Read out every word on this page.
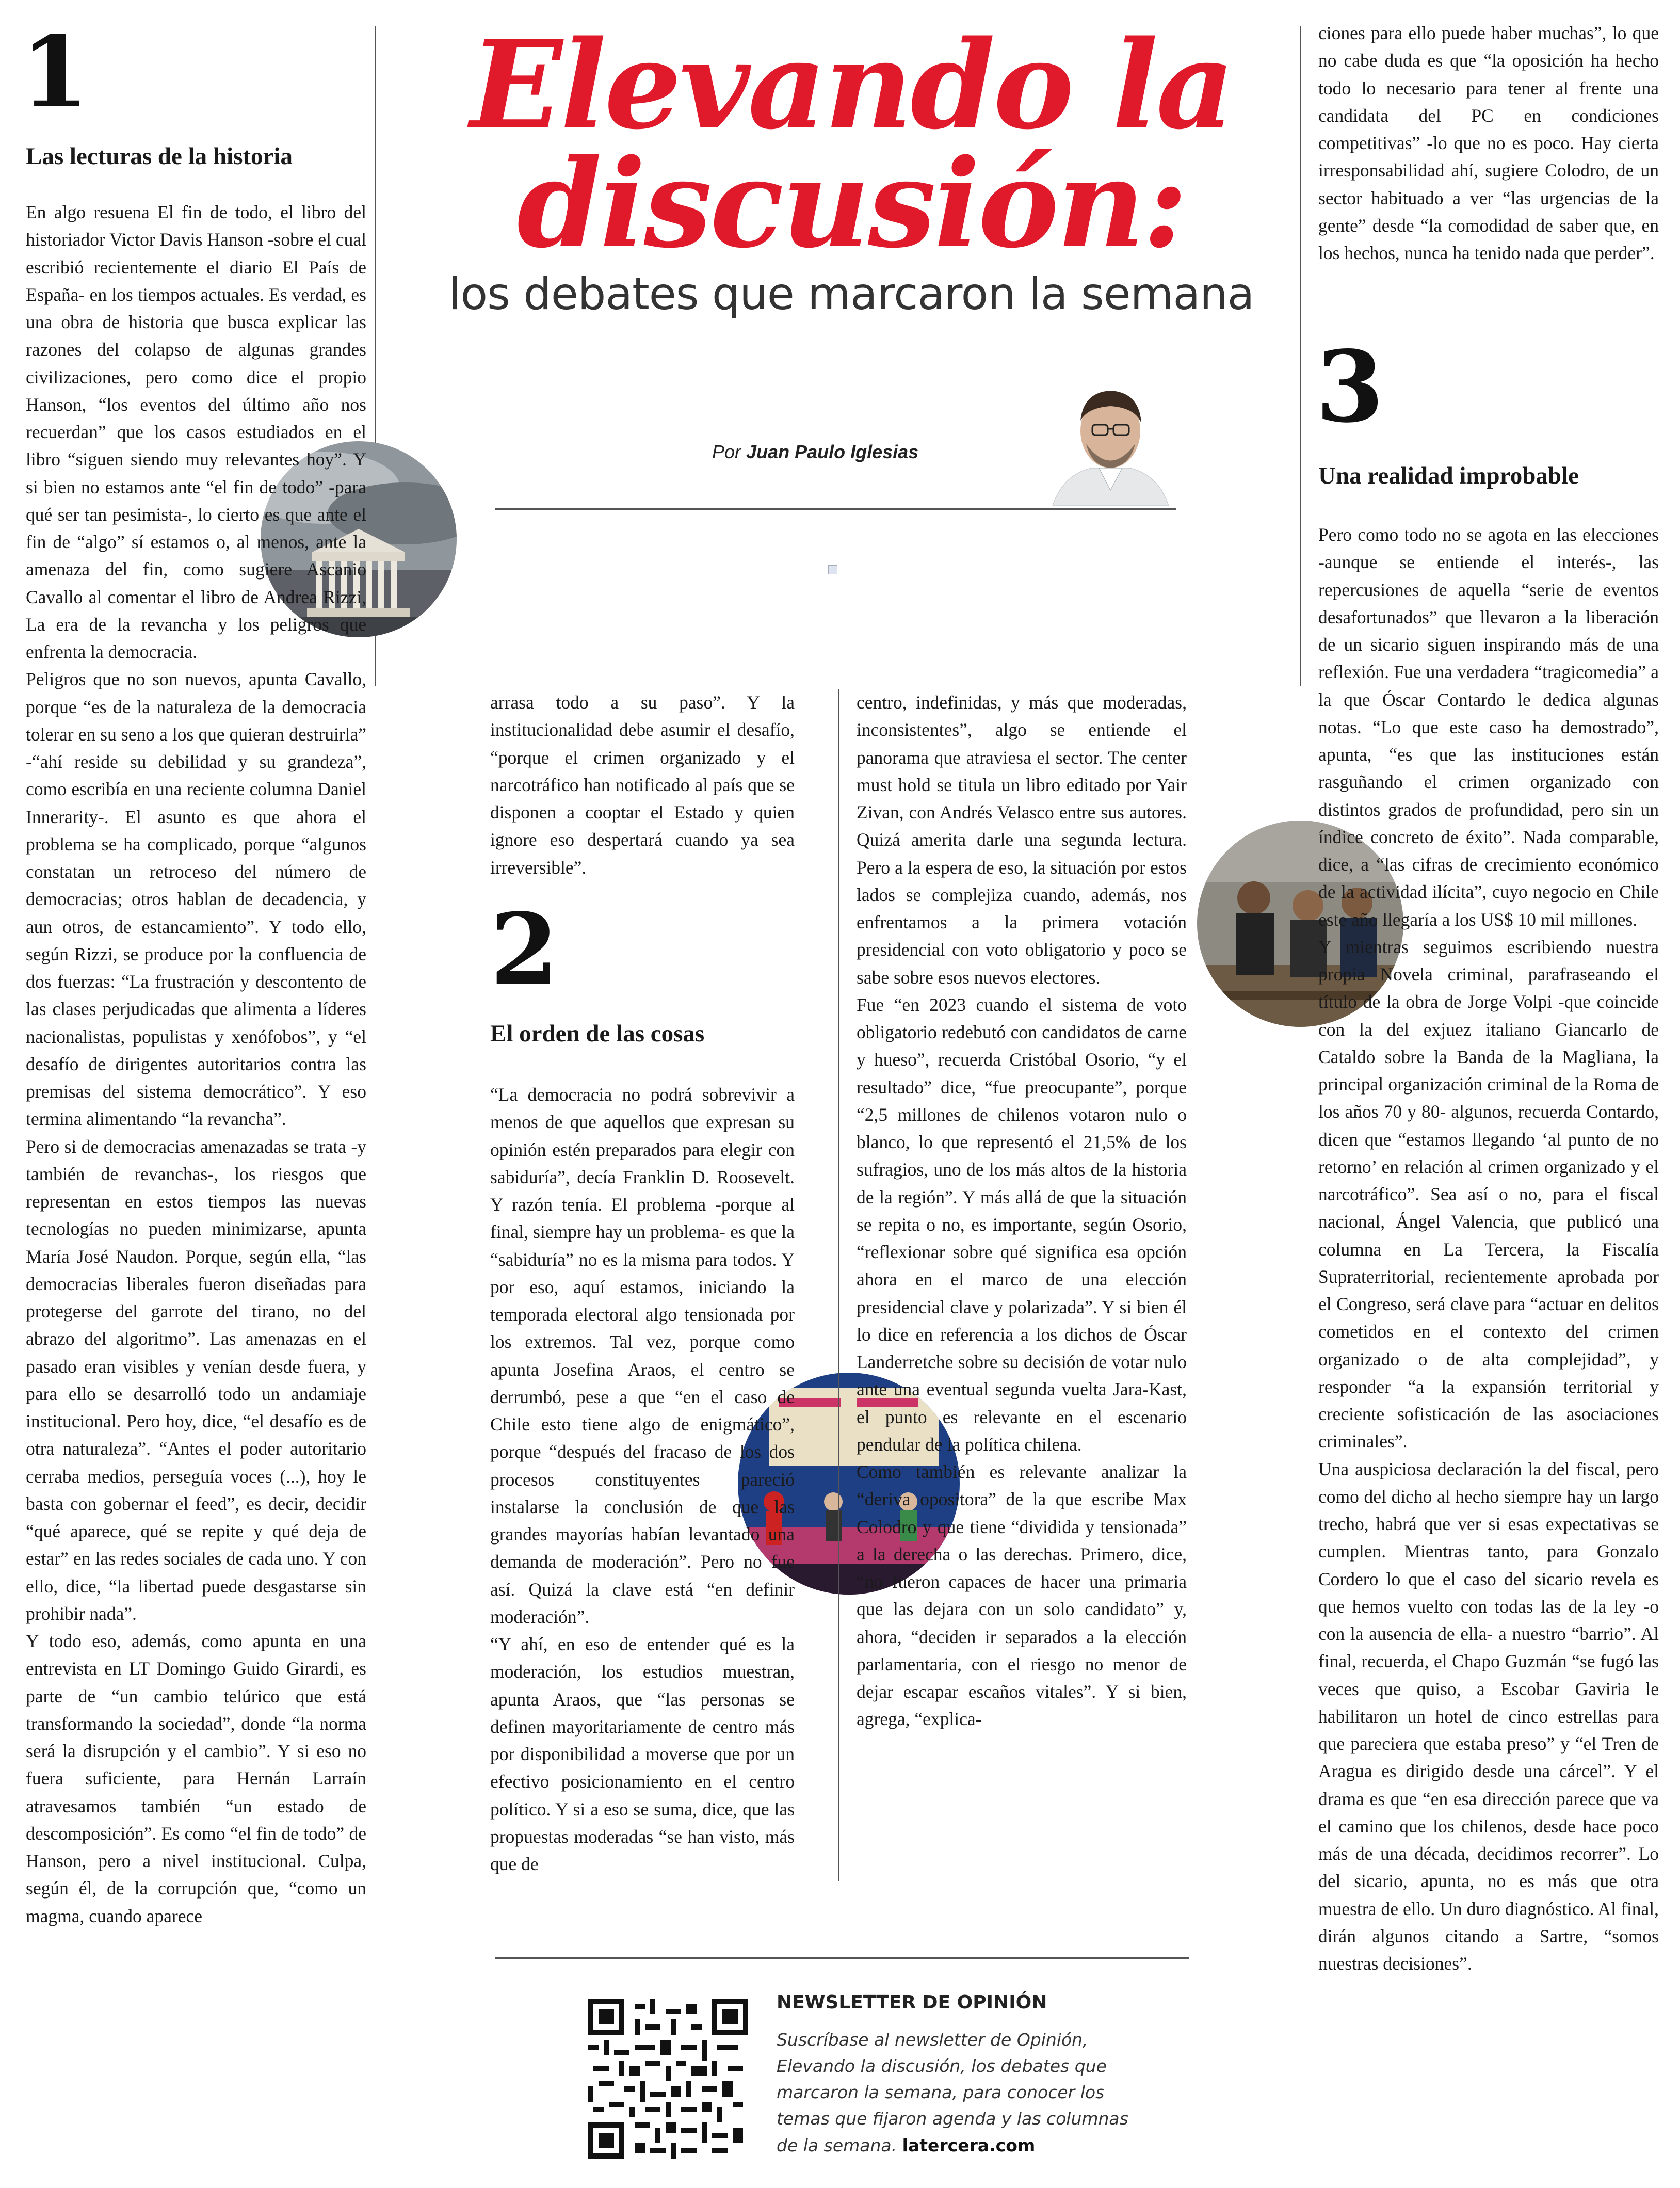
Elevando la
discusión:
los debates que marcaron la semana
Por Juan Paulo Iglesias
1
Las lecturas de la historia

En algo resuena El fin de todo, el libro del historiador Victor Davis Hanson -sobre el cual escribió recientemente el diario El País de España- en los tiempos actuales. Es verdad, es una obra de historia que busca explicar las razones del colapso de algunas grandes civilizaciones, pero como dice el propio Hanson, “los eventos del último año nos recuerdan” que los casos estudiados en el libro “siguen siendo muy relevantes hoy”. Y si bien no estamos ante “el fin de todo” -para qué ser tan pesimista-, lo cierto es que ante el fin de “algo” sí estamos o, al menos, ante la amenaza del fin, como sugiere Ascanio Cavallo al comentar el libro de Andrea Rizzi, La era de la revancha y los peligros que enfrenta la democracia.

Peligros que no son nuevos, apunta Cavallo, porque “es de la naturaleza de la democracia tolerar en su seno a los que quieran destruirla” -“ahí reside su debilidad y su grandeza”, como escribía en una reciente columna Daniel Innerarity-. El asunto es que ahora el problema se ha complicado, porque “algunos constatan un retroceso del número de democracias; otros hablan de decadencia, y aun otros, de estancamiento”. Y todo ello, según Rizzi, se produce por la confluencia de dos fuerzas: “La frustración y descontento de las clases perjudicadas que alimenta a líderes nacionalistas, populistas y xenófobos”, y “el desafío de dirigentes autoritarios contra las premisas del sistema democrático”. Y eso termina alimentando “la revancha”.

Pero si de democracias amenazadas se trata -y también de revanchas-, los riesgos que representan en estos tiempos las nuevas tecnologías no pueden minimizarse, apunta María José Naudon. Porque, según ella, “las democracias liberales fueron diseñadas para protegerse del garrote del tirano, no del abrazo del algoritmo”. Las amenazas en el pasado eran visibles y venían desde fuera, y para ello se desarrolló todo un andamiaje institucional. Pero hoy, dice, “el desafío es de otra naturaleza”. “Antes el poder autoritario cerraba medios, perseguía voces (...), hoy le basta con gobernar el feed”, es decir, decidir “qué aparece, qué se repite y qué deja de estar” en las redes sociales de cada uno. Y con ello, dice, “la libertad puede desgastarse sin prohibir nada”.

Y todo eso, además, como apunta en una entrevista en LT Domingo Guido Girardi, es parte de “un cambio telúrico que está transformando la sociedad”, donde “la norma será la disrupción y el cambio”. Y si eso no fuera suficiente, para Hernán Larraín atravesamos también “un estado de descomposición”. Es como “el fin de todo” de Hanson, pero a nivel institucional. Culpa, según él, de la corrupción que, “como un magma, cuando aparece

arrasa todo a su paso”. Y la institucionalidad debe asumir el desafío, “porque el crimen organizado y el narcotráfico han notificado al país que se disponen a cooptar el Estado y quien ignore eso despertará cuando ya sea irreversible”.

2
El orden de las cosas

“La democracia no podrá sobrevivir a menos de que aquellos que expresan su opinión estén preparados para elegir con sabiduría”, decía Franklin D. Roosevelt. Y razón tenía. El problema -porque al final, siempre hay un problema- es que la “sabiduría” no es la misma para todos. Y por eso, aquí estamos, iniciando la temporada electoral algo tensionada por los extremos. Tal vez, porque como apunta Josefina Araos, el centro se derrumbó, pese a que “en el caso de Chile esto tiene algo de enigmático”, porque “después del fracaso de los dos procesos constituyentes pareció instalarse la conclusión de que las grandes mayorías habían levantado una demanda de moderación”. Pero no fue así. Quizá la clave está “en definir moderación”.

“Y ahí, en eso de entender qué es la moderación, los estudios muestran, apunta Araos, que “las personas se definen mayoritariamente de centro más por disponibilidad a moverse que por un efectivo posicionamiento en el centro político. Y si a eso se suma, dice, que las propuestas moderadas “se han visto, más que de

centro, indefinidas, y más que moderadas, inconsistentes”, algo se entiende el panorama que atraviesa el sector. The center must hold se titula un libro editado por Yair Zivan, con Andrés Velasco entre sus autores. Quizá amerita darle una segunda lectura. Pero a la espera de eso, la situación por estos lados se complejiza cuando, además, nos enfrentamos a la primera votación presidencial con voto obligatorio y poco se sabe sobre esos nuevos electores.

Fue “en 2023 cuando el sistema de voto obligatorio redebutó con candidatos de carne y hueso”, recuerda Cristóbal Osorio, “y el resultado” dice, “fue preocupante”, porque “2,5 millones de chilenos votaron nulo o blanco, lo que representó el 21,5% de los sufragios, uno de los más altos de la historia de la región”. Y más allá de que la situación se repita o no, es importante, según Osorio, “reflexionar sobre qué significa esa opción ahora en el marco de una elección presidencial clave y polarizada”. Y si bien él lo dice en referencia a los dichos de Óscar Landerretche sobre su decisión de votar nulo ante una eventual segunda vuelta Jara-Kast, el punto es relevante en el escenario pendular de la política chilena.

Como también es relevante analizar la “deriva opositora” de la que escribe Max Colodro y que tiene “dividida y tensionada” a la derecha o las derechas. Primero, dice, “no fueron capaces de hacer una primaria que las dejara con un solo candidato” y, ahora, “deciden ir separados a la elección parlamentaria, con el riesgo no menor de dejar escapar escaños vitales”. Y si bien, agrega, “explica-

ciones para ello puede haber muchas”, lo que no cabe duda es que “la oposición ha hecho todo lo necesario para tener al frente una candidata del PC en condiciones competitivas” -lo que no es poco. Hay cierta irresponsabilidad ahí, sugiere Colodro, de un sector habituado a ver “las urgencias de la gente” desde “la comodidad de saber que, en los hechos, nunca ha tenido nada que perder”.

3
Una realidad improbable

Pero como todo no se agota en las elecciones -aunque se entiende el interés-, las repercusiones de aquella “serie de eventos desafortunados” que llevaron a la liberación de un sicario siguen inspirando más de una reflexión. Fue una verdadera “tragicomedia” a la que Óscar Contardo le dedica algunas notas. “Lo que este caso ha demostrado”, apunta, “es que las instituciones están rasguñando el crimen organizado con distintos grados de profundidad, pero sin un índice concreto de éxito”. Nada comparable, dice, a “las cifras de crecimiento económico de la actividad ilícita”, cuyo negocio en Chile este año llegaría a los US$ 10 mil millones.

Y mientras seguimos escribiendo nuestra propia Novela criminal, parafraseando el título de la obra de Jorge Volpi -que coincide con la del exjuez italiano Giancarlo de Cataldo sobre la Banda de la Magliana, la principal organización criminal de la Roma de los años 70 y 80- algunos, recuerda Contardo, dicen que “estamos llegando ‘al punto de no retorno’ en relación al crimen organizado y el narcotráfico”. Sea así o no, para el fiscal nacional, Ángel Valencia, que publicó una columna en La Tercera, la Fiscalía Supraterritorial, recientemente aprobada por el Congreso, será clave para “actuar en delitos cometidos en el contexto del crimen organizado o de alta complejidad”, y responder “a la expansión territorial y creciente sofisticación de las asociaciones criminales”.

Una auspiciosa declaración la del fiscal, pero como del dicho al hecho siempre hay un largo trecho, habrá que ver si esas expectativas se cumplen. Mientras tanto, para Gonzalo Cordero lo que el caso del sicario revela es que hemos vuelto con todas las de la ley -o con la ausencia de ella- a nuestro “barrio”. Al final, recuerda, el Chapo Guzmán “se fugó las veces que quiso, a Escobar Gaviria le habilitaron un hotel de cinco estrellas para que pareciera que estaba preso” y “el Tren de Aragua es dirigido desde una cárcel”. Y el drama es que “en esa dirección parece que va el camino que los chilenos, desde hace poco más de una década, decidimos recorrer”. Lo del sicario, apunta, no es más que otra muestra de ello. Un duro diagnóstico. Al final, dirán algunos citando a Sartre, “somos nuestras decisiones”.

NEWSLETTER DE OPINIÓN
Suscríbase al newsletter de Opinión, Elevando la discusión, los debates que marcaron la semana, para conocer los temas que fijaron agenda y las columnas de la semana. latercera.com
